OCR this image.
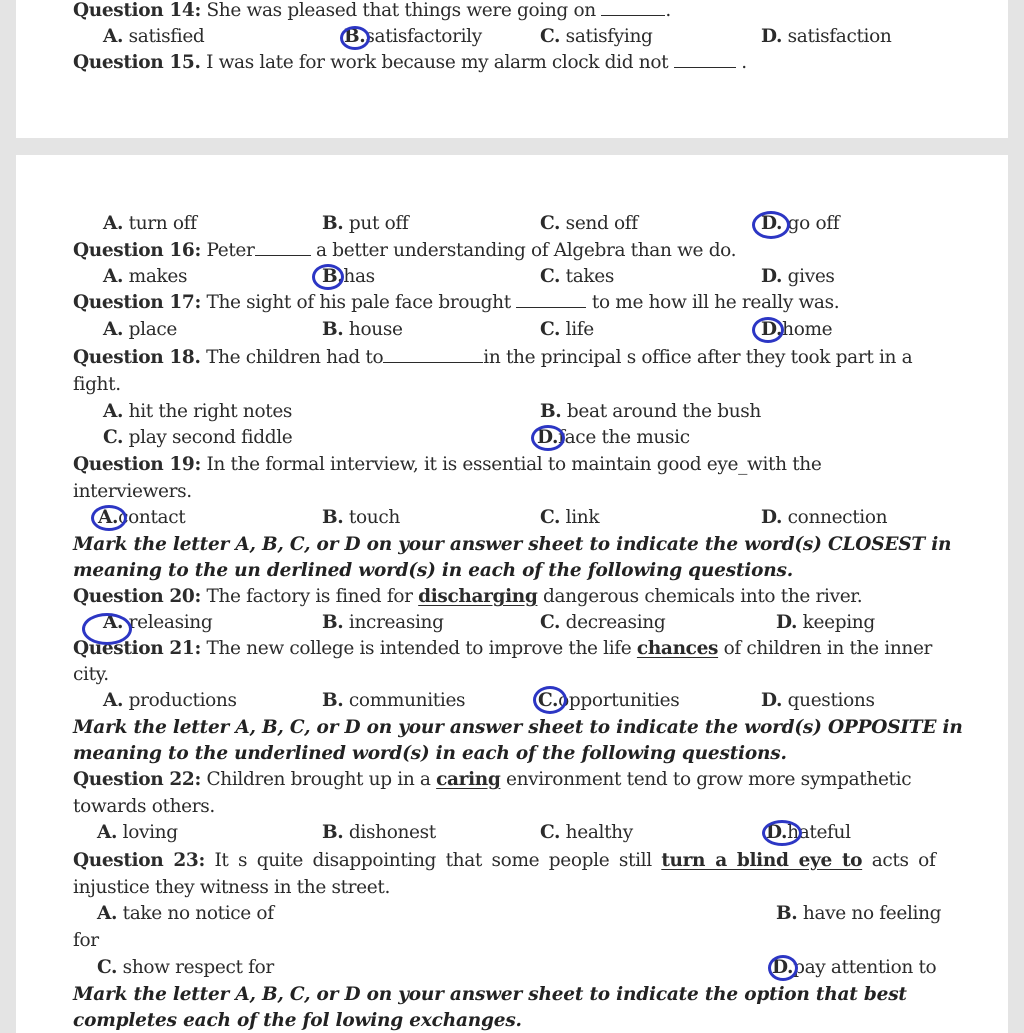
Question 14: She was pleased that things were going on	.
A. satisfied	B.satisfactorily	C. satisfying	D. satisfaction
Question 15. I was late for work because my alarm clock did not	.
A. turn off	B. put off	C. send off	D. go off
Question 16: Peter	a better understanding of Algebra than we do.
A. makes	B.has	C. takes	D. gives
Question 17: The sight of his pale face brought	to me how ill he really was.
A. place	B. house	C. life	D.home
Question 18. The children had to	in the principal s office after they took part in a
fight.
A. hit the right notes	B. beat around the bush
C. play second fiddle	D.face the music
Question 19: In the formal interview, it is essential to maintain good eye_with the
interviewers.
A.contact	B. touch	C. link	D. connection
Mark the letter A, B, C, or D on your answer sheet to indicate the word(s) CLOSEST in
meaning to the un derlined word(s) in each of the following questions.
Question 20: The factory is fined for discharging dangerous chemicals into the river.
A. releasing	B. increasing	C. decreasing	D. keeping
Question 21: The new college is intended to improve the life chances of children in the inner
city.
A. productions	B. communities	C.opportunities	D. questions
Mark the letter A, B, C, or D on your answer sheet to indicate the word(s) OPPOSITE in
meaning to the underlined word(s) in each of the following questions.
Question 22: Children brought up in a caring environment tend to grow more sympathetic
towards others.
A. loving	B. dishonest	C. healthy	D.hateful
Question 23: It s quite disappointing that some people still turn a blind eye to acts of
injustice they witness in the street.
A. take no notice of	B. have no feeling
for
C. show respect for	D.pay attention to
Mark the letter A, B, C, or D on your answer sheet to indicate the option that best
completes each of the fol lowing exchanges.
